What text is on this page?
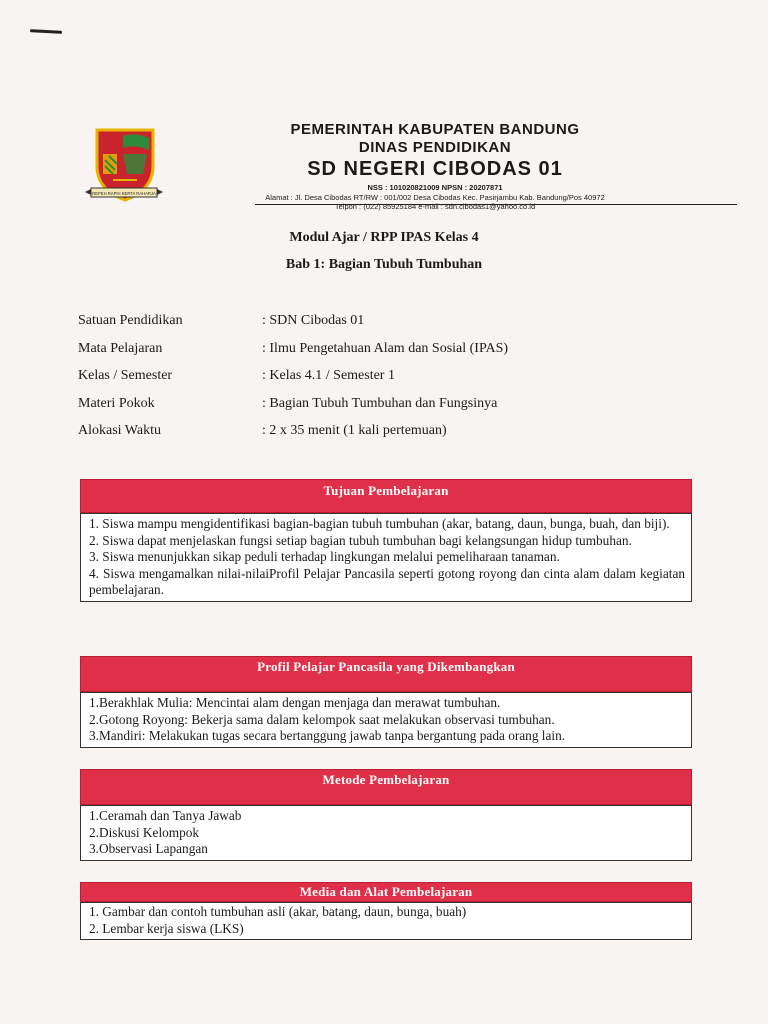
REPEH RAPIH KERTA RAHARJA
PEMERINTAH KABUPATEN BANDUNG
DINAS PENDIDIKAN
SD NEGERI CIBODAS 01
NSS : 101020821009 NPSN : 20207871
Alamat : Jl. Desa Cibodas RT/RW : 001/002 Desa Cibodas Kec. Pasirjambu Kab. Bandung/Pos 40972
Telpon : (022) 85925184 e-mail : sdn.cibodas1@yahoo.co.id
Modul Ajar / RPP IPAS Kelas 4
Bab 1: Bagian Tubuh Tumbuhan
Satuan Pendidikan	: SDN Cibodas 01
Mata Pelajaran	: Ilmu Pengetahuan Alam dan Sosial (IPAS)
Kelas / Semester	: Kelas 4.1 / Semester 1
Materi Pokok	: Bagian Tubuh Tumbuhan dan Fungsinya
Alokasi Waktu	: 2 x 35 menit (1 kali pertemuan)
Tujuan Pembelajaran
1. Siswa mampu mengidentifikasi bagian-bagian tubuh tumbuhan (akar, batang, daun, bunga, buah, dan biji).
2. Siswa dapat menjelaskan fungsi setiap bagian tubuh tumbuhan bagi kelangsungan hidup tumbuhan.
3. Siswa menunjukkan sikap peduli terhadap lingkungan melalui pemeliharaan tanaman.
4. Siswa mengamalkan nilai-nilaiProfil Pelajar Pancasila seperti gotong royong dan cinta alam dalam kegiatan pembelajaran.
Profil Pelajar Pancasila yang Dikembangkan
1.Berakhlak Mulia: Mencintai alam dengan menjaga dan merawat tumbuhan.
2.Gotong Royong: Bekerja sama dalam kelompok saat melakukan observasi tumbuhan.
3.Mandiri: Melakukan tugas secara bertanggung jawab tanpa bergantung pada orang lain.
Metode Pembelajaran
1.Ceramah dan Tanya Jawab
2.Diskusi Kelompok
3.Observasi Lapangan
Media dan Alat Pembelajaran
1. Gambar dan contoh tumbuhan asli (akar, batang, daun, bunga, buah)
2. Lembar kerja siswa (LKS)
